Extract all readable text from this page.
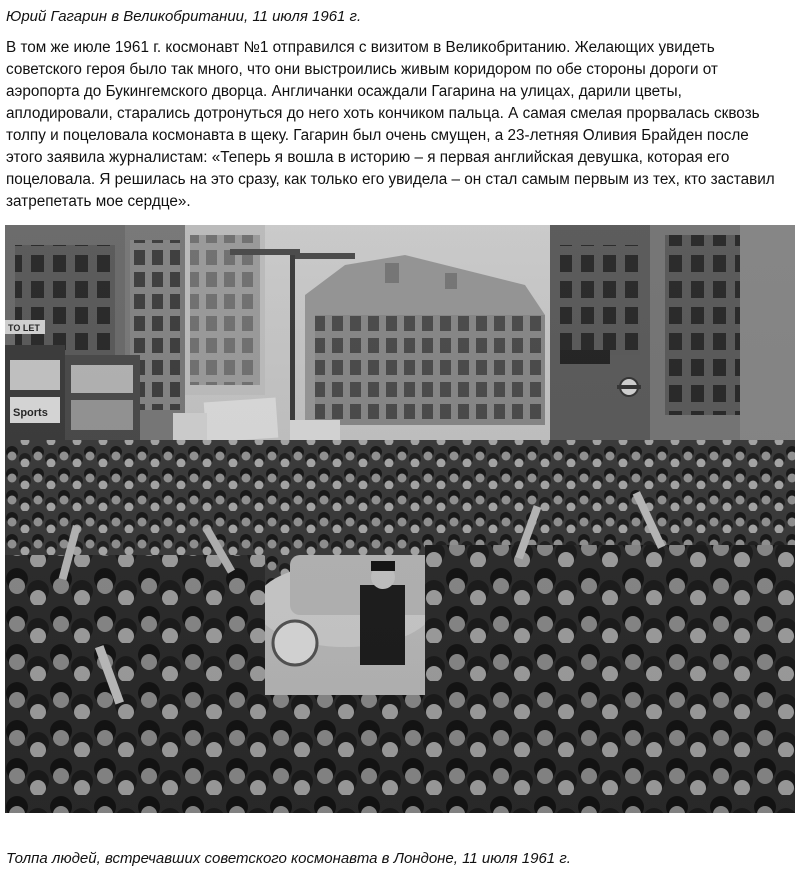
Юрий Гагарин в Великобритании, 11 июля 1961 г.

В том же июле 1961 г. космонавт №1 отправился с визитом в Великобританию. Желающих увидеть советского героя было так много, что они выстроились живым коридором по обе стороны дороги от аэропорта до Букингемского дворца. Англичанки осаждали Гагарина на улицах, дарили цветы, аплодировали, старались дотронуться до него хоть кончиком пальца. А самая смелая прорвалась сквозь толпу и поцеловала космонавта в щеку. Гагарин был очень смущен, а 23-летняя Оливия Брайден после этого заявила журналистам: «Теперь я вошла в историю – я первая английская девушка, которая его поцеловала. Я решилась на это сразу, как только его увидела – он стал самым первым из тех, кто заставил затрепетать мое сердце».

Sports
TO LET

Толпа людей, встречавших советского космонавта в Лондоне, 11 июля 1961 г.
